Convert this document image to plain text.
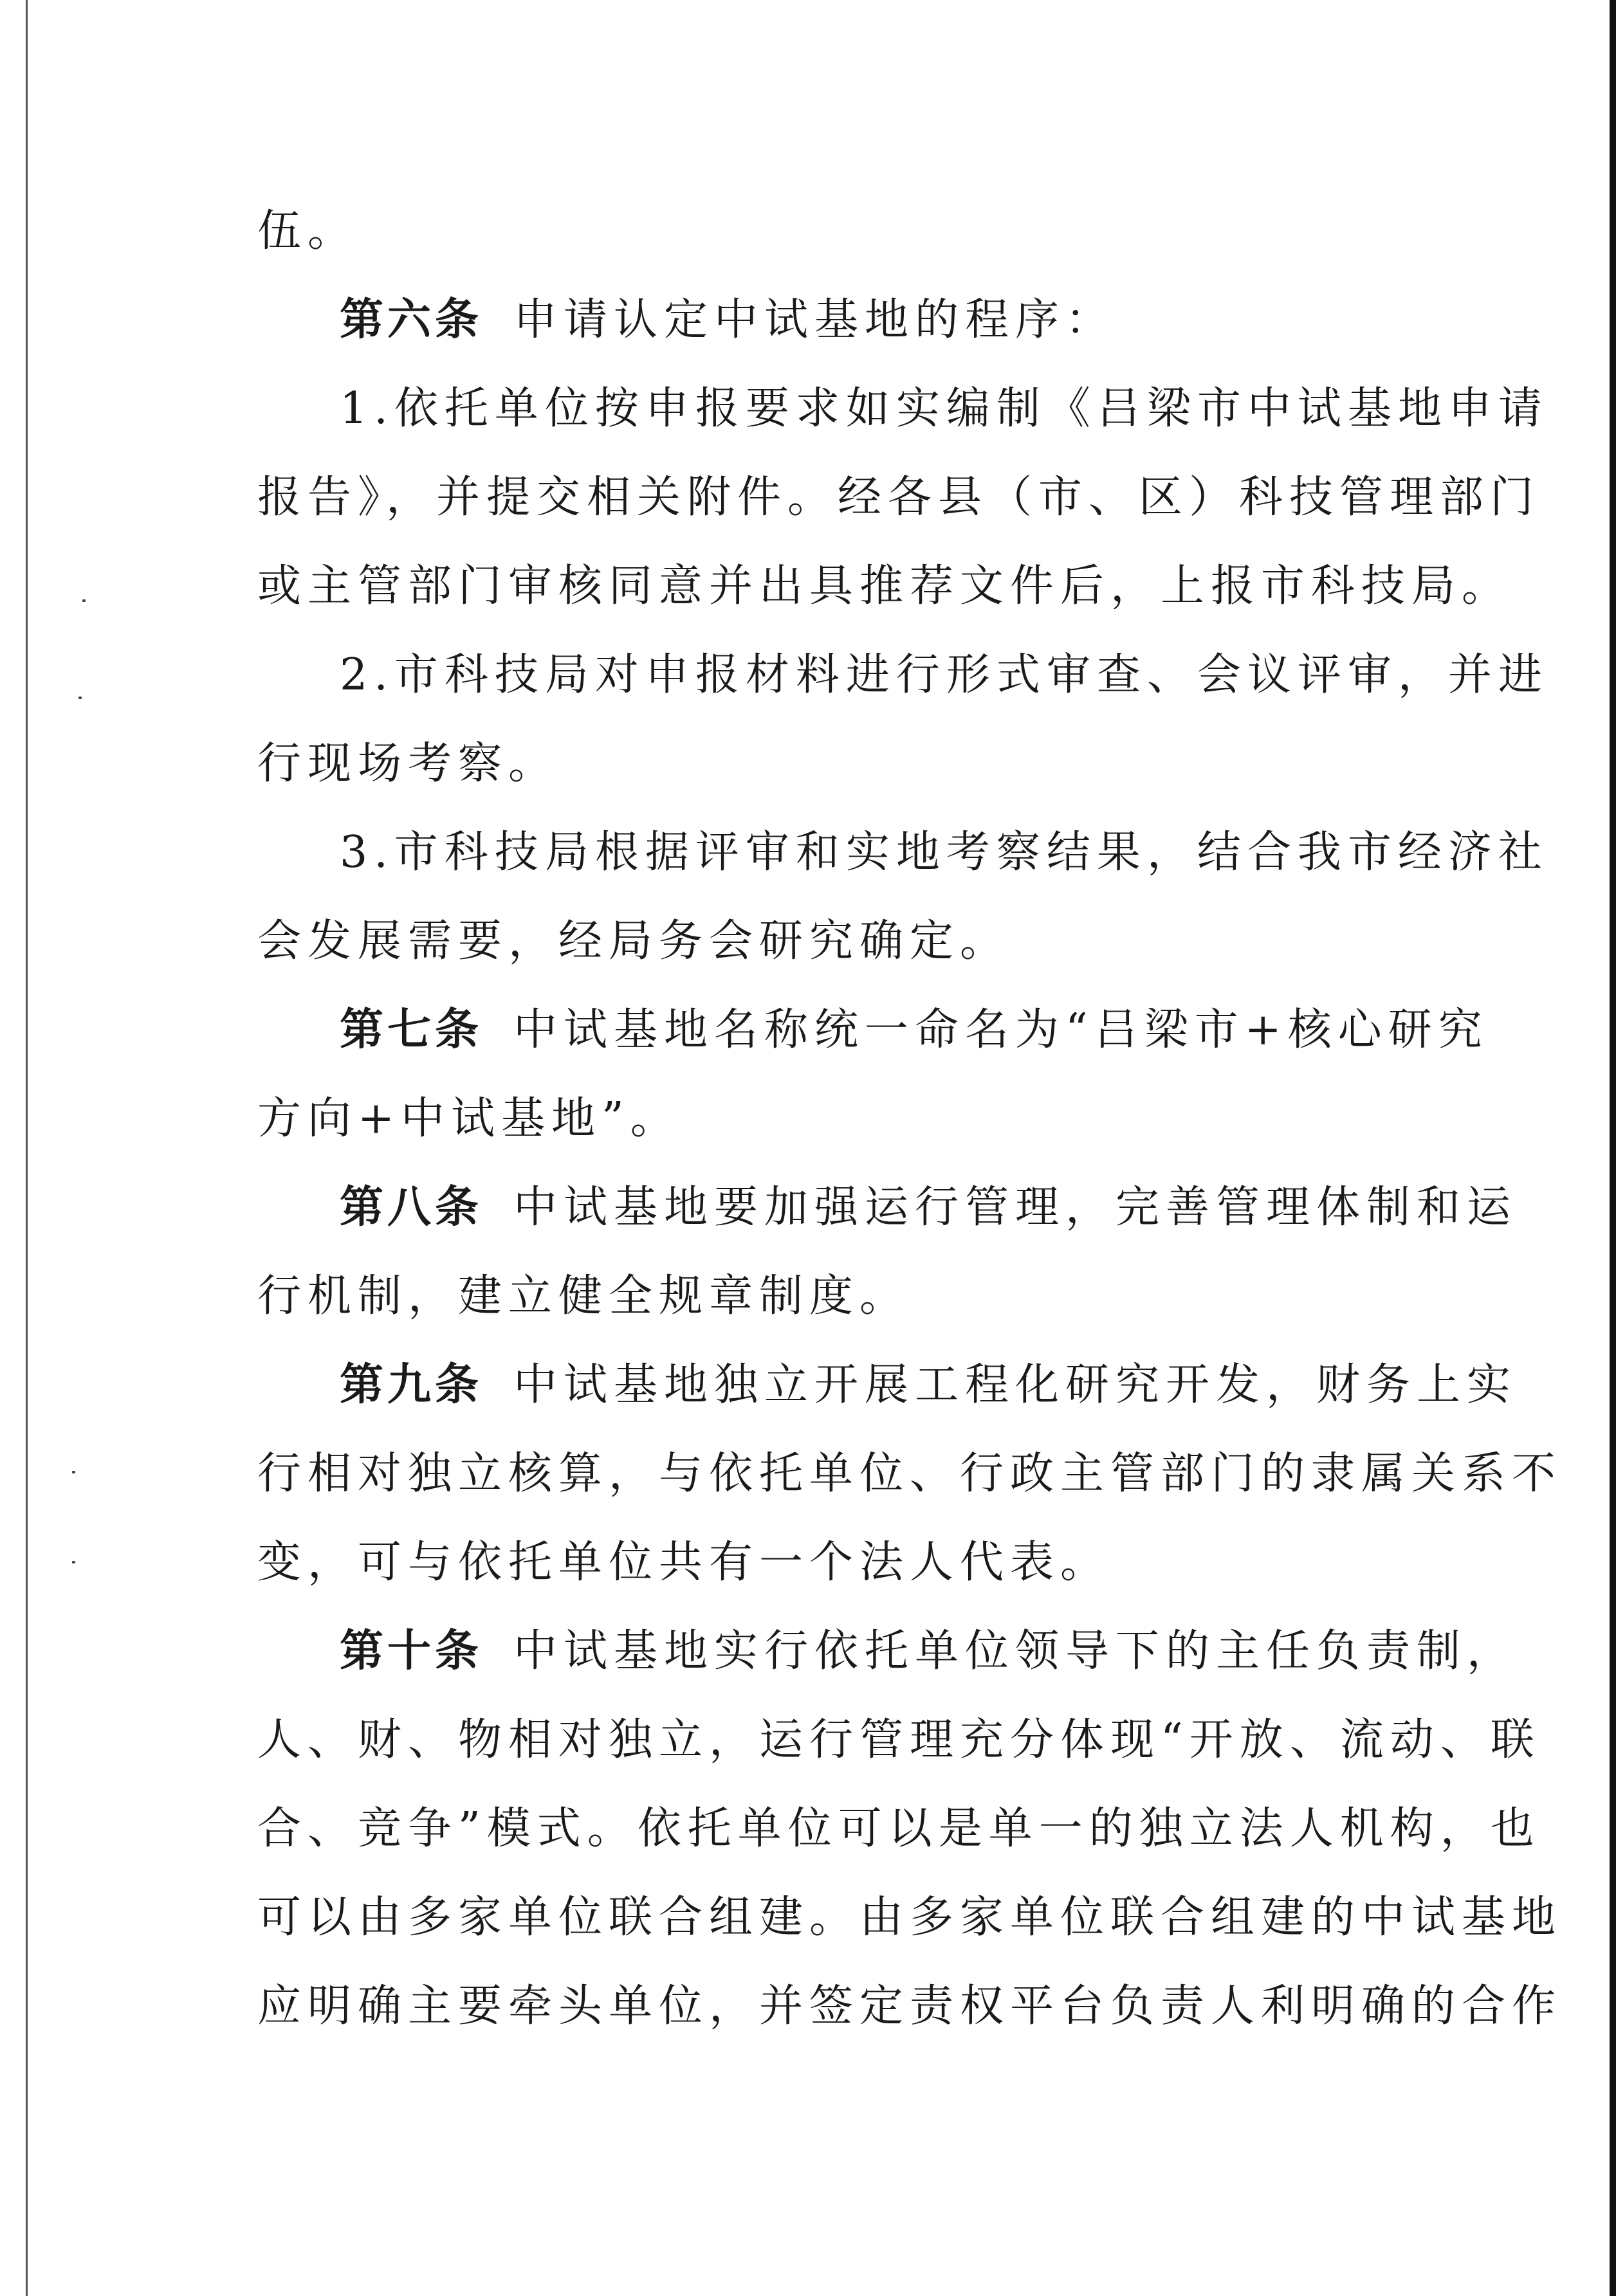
伍。
第六条 申请认定中试基地的程序：
1.依托单位按申报要求如实编制《吕梁市中试基地申请
报告》，并提交相关附件。经各县（市、区）科技管理部门
或主管部门审核同意并出具推荐文件后，上报市科技局。
2.市科技局对申报材料进行形式审查、会议评审，并进
行现场考察。
3.市科技局根据评审和实地考察结果，结合我市经济社
会发展需要，经局务会研究确定。
第七条 中试基地名称统一命名为“吕梁市+核心研究
方向+中试基地”。
第八条 中试基地要加强运行管理，完善管理体制和运
行机制，建立健全规章制度。
第九条 中试基地独立开展工程化研究开发，财务上实
行相对独立核算，与依托单位、行政主管部门的隶属关系不
变，可与依托单位共有一个法人代表。
第十条 中试基地实行依托单位领导下的主任负责制，
人、财、物相对独立，运行管理充分体现“开放、流动、联
合、竞争”模式。依托单位可以是单一的独立法人机构，也
可以由多家单位联合组建。由多家单位联合组建的中试基地
应明确主要牵头单位，并签定责权平台负责人利明确的合作
